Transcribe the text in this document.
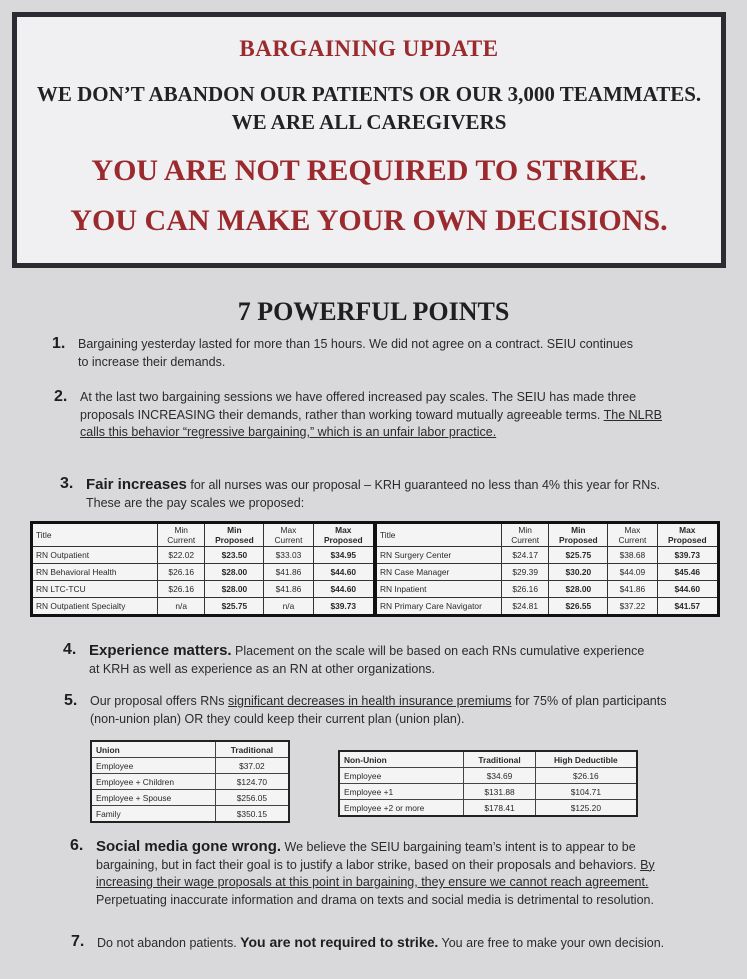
BARGAINING UPDATE
WE DON’T ABANDON OUR PATIENTS OR OUR 3,000 TEAMMATES.
WE ARE ALL CAREGIVERS
YOU ARE NOT REQUIRED TO STRIKE.
YOU CAN MAKE YOUR OWN DECISIONS.
7 POWERFUL POINTS
1. Bargaining yesterday lasted for more than 15 hours. We did not agree on a contract. SEIU continues to increase their demands.
2. At the last two bargaining sessions we have offered increased pay scales. The SEIU has made three proposals INCREASING their demands, rather than working toward mutually agreeable terms. The NLRB calls this behavior “regressive bargaining,” which is an unfair labor practice.
3. Fair increases for all nurses was our proposal – KRH guaranteed no less than 4% this year for RNs. These are the pay scales we proposed:
Title	Min Current	Min Proposed	Max Current	Max Proposed	Title	Min Current	Min Proposed	Max Current	Max Proposed
RN Outpatient	$22.02	$23.50	$33.03	$34.95	RN Surgery Center	$24.17	$25.75	$38.68	$39.73
RN Behavioral Health	$26.16	$28.00	$41.86	$44.60	RN Case Manager	$29.39	$30.20	$44.09	$45.46
RN LTC-TCU	$26.16	$28.00	$41.86	$44.60	RN Inpatient	$26.16	$28.00	$41.86	$44.60
RN Outpatient Specialty	n/a	$25.75	n/a	$39.73	RN Primary Care Navigator	$24.81	$26.55	$37.22	$41.57
4. Experience matters. Placement on the scale will be based on each RNs cumulative experience at KRH as well as experience as an RN at other organizations.
5. Our proposal offers RNs significant decreases in health insurance premiums for 75% of plan participants (non-union plan) OR they could keep their current plan (union plan).
Union	Traditional
Employee	$37.02
Employee + Children	$124.70
Employee + Spouse	$256.05
Family	$350.15
Non-Union	Traditional	High Deductible
Employee	$34.69	$26.16
Employee +1	$131.88	$104.71
Employee +2 or more	$178.41	$125.20
6. Social media gone wrong. We believe the SEIU bargaining team’s intent is to appear to be bargaining, but in fact their goal is to justify a labor strike, based on their proposals and behaviors. By increasing their wage proposals at this point in bargaining, they ensure we cannot reach agreement. Perpetuating inaccurate information and drama on texts and social media is detrimental to resolution.
7. Do not abandon patients. You are not required to strike. You are free to make your own decision.
